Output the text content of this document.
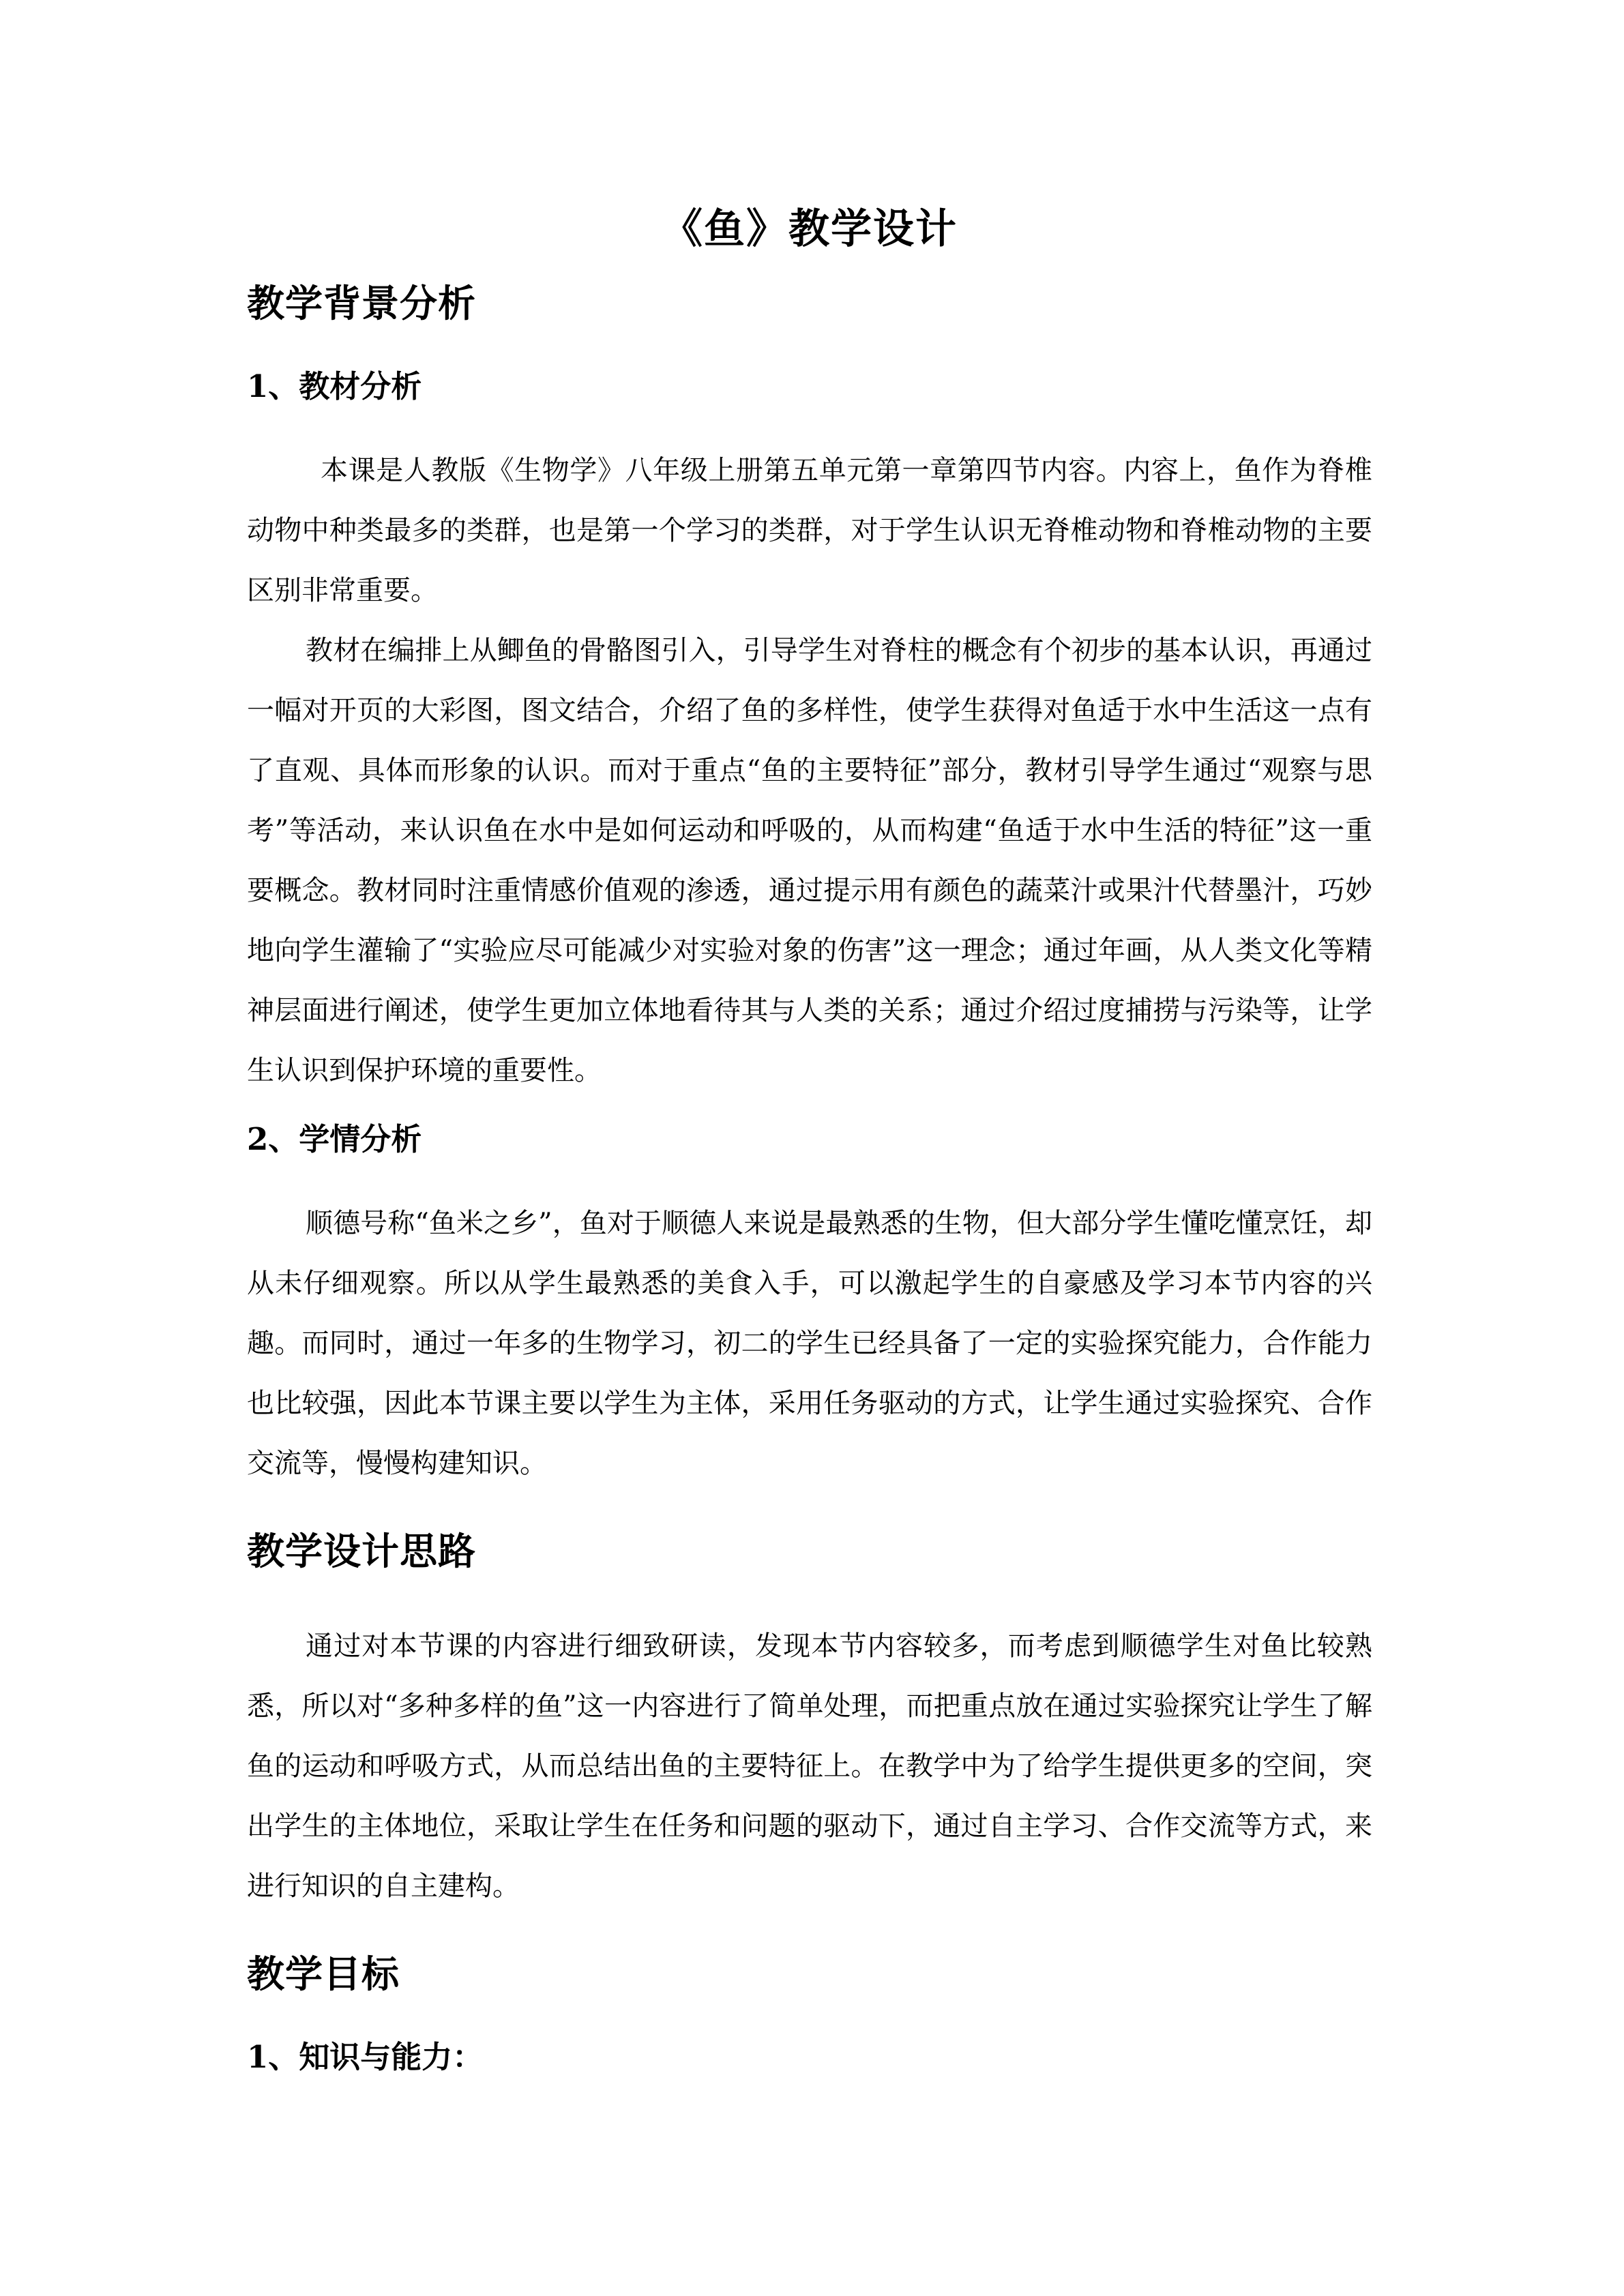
《鱼》教学设计
教学背景分析
1、教材分析

本课是人教版《生物学》八年级上册第五单元第一章第四节内容。内容上，鱼作为脊椎动物中种类最多的类群，也是第一个学习的类群，对于学生认识无脊椎动物和脊椎动物的主要区别非常重要。

教材在编排上从鲫鱼的骨骼图引入，引导学生对脊柱的概念有个初步的基本认识，再通过一幅对开页的大彩图，图文结合，介绍了鱼的多样性，使学生获得对鱼适于水中生活这一点有了直观、具体而形象的认识。而对于重点“鱼的主要特征”部分，教材引导学生通过“观察与思考”等活动，来认识鱼在水中是如何运动和呼吸的，从而构建“鱼适于水中生活的特征”这一重要概念。教材同时注重情感价值观的渗透，通过提示用有颜色的蔬菜汁或果汁代替墨汁，巧妙地向学生灌输了“实验应尽可能减少对实验对象的伤害”这一理念；通过年画，从人类文化等精神层面进行阐述，使学生更加立体地看待其与人类的关系；通过介绍过度捕捞与污染等，让学生认识到保护环境的重要性。

2、学情分析

顺德号称“鱼米之乡”，鱼对于顺德人来说是最熟悉的生物，但大部分学生懂吃懂烹饪，却从未仔细观察。所以从学生最熟悉的美食入手，可以激起学生的自豪感及学习本节内容的兴趣。而同时，通过一年多的生物学习，初二的学生已经具备了一定的实验探究能力，合作能力也比较强，因此本节课主要以学生为主体，采用任务驱动的方式，让学生通过实验探究、合作交流等，慢慢构建知识。

教学设计思路

通过对本节课的内容进行细致研读，发现本节内容较多，而考虑到顺德学生对鱼比较熟悉，所以对“多种多样的鱼”这一内容进行了简单处理，而把重点放在通过实验探究让学生了解鱼的运动和呼吸方式，从而总结出鱼的主要特征上。在教学中为了给学生提供更多的空间，突出学生的主体地位，采取让学生在任务和问题的驱动下，通过自主学习、合作交流等方式，来进行知识的自主建构。

教学目标
1、知识与能力：
